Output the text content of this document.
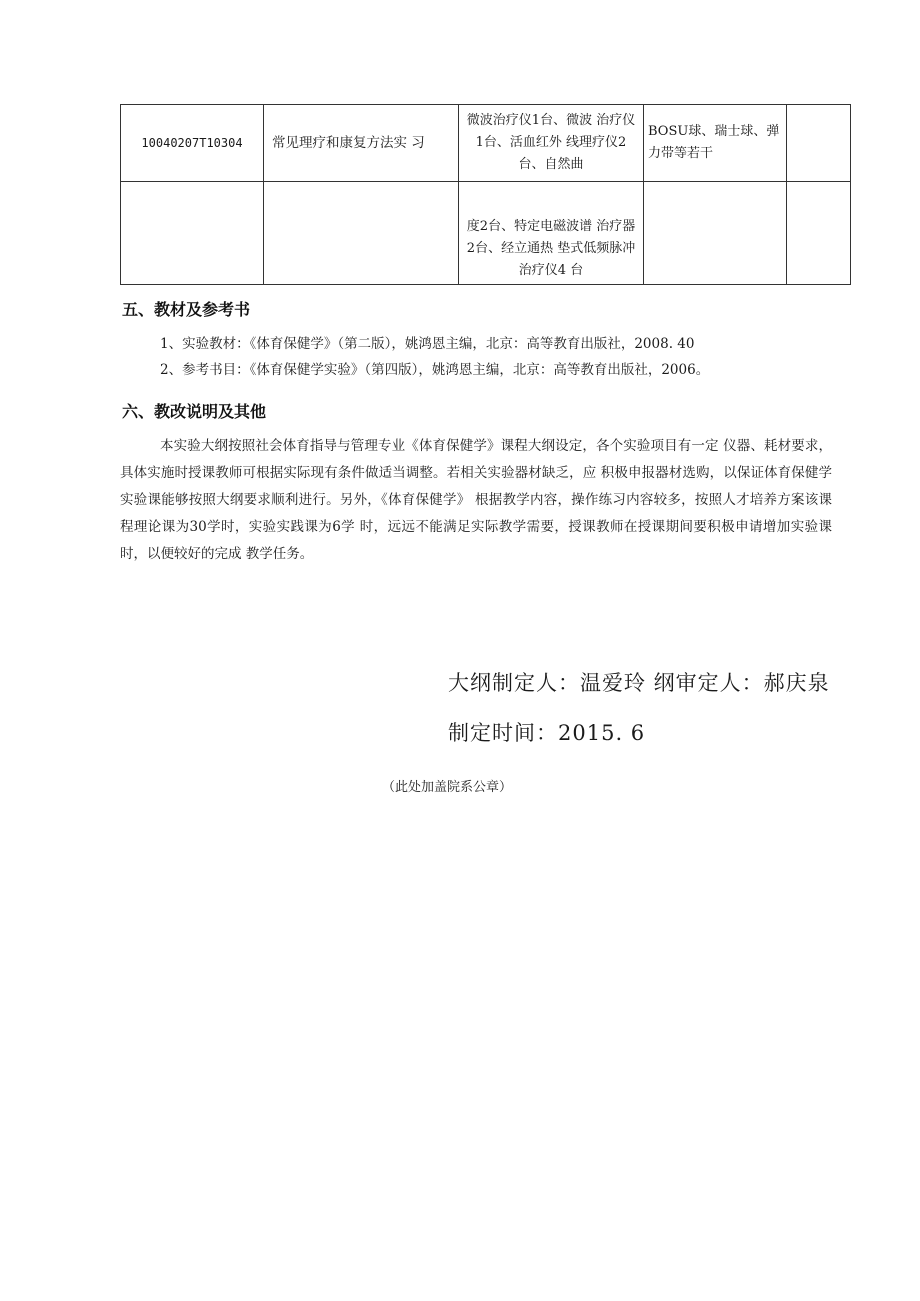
10040207T10304	常见理疗和康复方法实 习	微波治疗仪1台、微波 治疗仪1台、活血红外 线理疗仪2台、自然曲	BOSU球、瑞士球、弹力带等若干	
		度2台、特定电磁波谱 治疗器2台、经立通热 垫式低频脉冲治疗仪4 台		
五、教材及参考书
1、实验教材：《体育保健学》（第二版），姚鸿恩主编，北京：高等教育出版社，2008. 40
2、参考书目：《体育保健学实验》（第四版），姚鸿恩主编，北京：高等教育出版社，2006。
六、教改说明及其他
本实验大纲按照社会体育指导与管理专业《体育保健学》课程大纲设定，各个实验项目有一定 仪器、耗材要求，具体实施时授课教师可根据实际现有条件做适当调整。若相关实验器材缺乏，应 积极申报器材选购，以保证体育保健学实验课能够按照大纲要求顺利进行。另外，《体育保健学》 根据教学内容，操作练习内容较多，按照人才培养方案该课程理论课为30学时，实验实践课为6学 时，远远不能满足实际教学需要，授课教师在授课期间要积极申请增加实验课时，以便较好的完成 教学任务。
大纲制定人：温爱玲 纲审定人：郝庆泉
制定时间：2015. 6
（此处加盖院系公章）
